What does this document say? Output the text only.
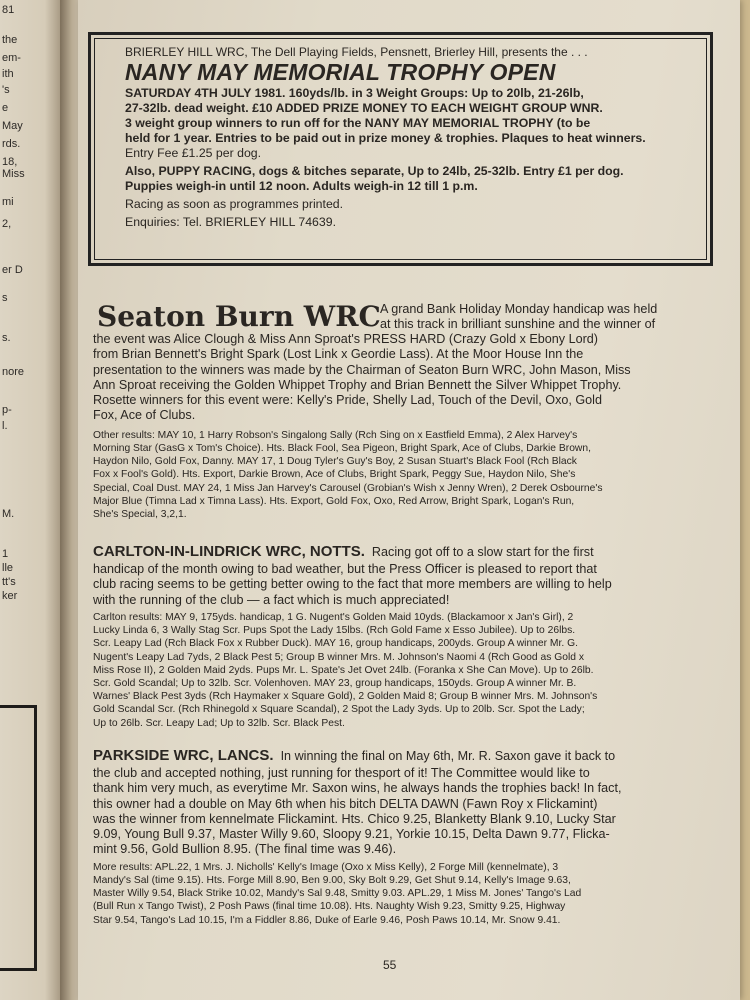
81
the
em-
ith
's
e
May
rds.
18,
Miss
mi
2,
er D
s
s.
nore
p-
l.
M.
1
lle
tt's
ker
BRIERLEY HILL WRC, The Dell Playing Fields, Pensnett, Brierley Hill, presents the . . .
NANY MAY MEMORIAL TROPHY OPEN
SATURDAY 4TH JULY 1981. 160yds/lb. in 3 Weight Groups: Up to 20lb, 21-26lb,
27-32lb. dead weight. £10 ADDED PRIZE MONEY TO EACH WEIGHT GROUP WNR.
3 weight group winners to run off for the NANY MAY MEMORIAL TROPHY (to be
held for 1 year. Entries to be paid out in prize money & trophies. Plaques to heat winners.
Entry Fee £1.25 per dog.
Also, PUPPY RACING, dogs & bitches separate, Up to 24lb, 25-32lb. Entry £1 per dog.
Puppies weigh-in until 12 noon. Adults weigh-in 12 till 1 p.m.
Racing as soon as programmes printed.
Enquiries: Tel. BRIERLEY HILL 74639.
Seaton Burn WRC A grand Bank Holiday Monday handicap was held
at this track in brilliant sunshine and the winner of
the event was Alice Clough & Miss Ann Sproat's PRESS HARD (Crazy Gold x Ebony Lord)
from Brian Bennett's Bright Spark (Lost Link x Geordie Lass). At the Moor House Inn the
presentation to the winners was made by the Chairman of Seaton Burn WRC, John Mason, Miss
Ann Sproat receiving the Golden Whippet Trophy and Brian Bennett the Silver Whippet Trophy.
Rosette winners for this event were: Kelly's Pride, Shelly Lad, Touch of the Devil, Oxo, Gold
Fox, Ace of Clubs.
Other results: MAY 10, 1 Harry Robson's Singalong Sally (Rch Sing on x Eastfield Emma), 2 Alex Harvey's
Morning Star (GasG x Tom's Choice). Hts. Black Fool, Sea Pigeon, Bright Spark, Ace of Clubs, Darkie Brown,
Haydon Nilo, Gold Fox, Danny. MAY 17, 1 Doug Tyler's Guy's Boy, 2 Susan Stuart's Black Fool (Rch Black
Fox x Fool's Gold). Hts. Export, Darkie Brown, Ace of Clubs, Bright Spark, Peggy Sue, Haydon Nilo, She's
Special, Coal Dust. MAY 24, 1 Miss Jan Harvey's Carousel (Grobian's Wish x Jenny Wren), 2 Derek Osbourne's
Major Blue (Timna Lad x Timna Lass). Hts. Export, Gold Fox, Oxo, Red Arrow, Bright Spark, Logan's Run,
She's Special, 3,2,1.
CARLTON-IN-LINDRICK WRC, NOTTS. Racing got off to a slow start for the first
handicap of the month owing to bad weather, but the Press Officer is pleased to report that
club racing seems to be getting better owing to the fact that more members are willing to help
with the running of the club — a fact which is much appreciated!
Carlton results: MAY 9, 175yds. handicap, 1 G. Nugent's Golden Maid 10yds. (Blackamoor x Jan's Girl), 2
Lucky Linda 6, 3 Wally Stag Scr. Pups Spot the Lady 15lbs. (Rch Gold Fame x Esso Jubilee). Up to 26lbs.
Scr. Leapy Lad (Rch Black Fox x Rubber Duck). MAY 16, group handicaps, 200yds. Group A winner Mr. G.
Nugent's Leapy Lad 7yds, 2 Black Pest 5; Group B winner Mrs. M. Johnson's Naomi 4 (Rch Good as Gold x
Miss Rose II), 2 Golden Maid 2yds. Pups Mr. L. Spate's Jet Ovet 24lb. (Foranka x She Can Move). Up to 26lb.
Scr. Gold Scandal; Up to 32lb. Scr. Volenhoven. MAY 23, group handicaps, 150yds. Group A winner Mr. B.
Warnes' Black Pest 3yds (Rch Haymaker x Square Gold), 2 Golden Maid 8; Group B winner Mrs. M. Johnson's
Gold Scandal Scr. (Rch Rhinegold x Square Scandal), 2 Spot the Lady 3yds. Up to 20lb. Scr. Spot the Lady;
Up to 26lb. Scr. Leapy Lad; Up to 32lb. Scr. Black Pest.
PARKSIDE WRC, LANCS. In winning the final on May 6th, Mr. R. Saxon gave it back to
the club and accepted nothing, just running for thesport of it! The Committee would like to
thank him very much, as everytime Mr. Saxon wins, he always hands the trophies back! In fact,
this owner had a double on May 6th when his bitch DELTA DAWN (Fawn Roy x Flickamint)
was the winner from kennelmate Flickamint. Hts. Chico 9.25, Blanketty Blank 9.10, Lucky Star
9.09, Young Bull 9.37, Master Willy 9.60, Sloopy 9.21, Yorkie 10.15, Delta Dawn 9.77, Flicka-
mint 9.56, Gold Bullion 8.95. (The final time was 9.46).
More results: APL.22, 1 Mrs. J. Nicholls' Kelly's Image (Oxo x Miss Kelly), 2 Forge Mill (kennelmate), 3
Mandy's Sal (time 9.15). Hts. Forge Mill 8.90, Ben 9.00, Sky Bolt 9.29, Get Shut 9.14, Kelly's Image 9.63,
Master Willy 9.54, Black Strike 10.02, Mandy's Sal 9.48, Smitty 9.03. APL.29, 1 Miss M. Jones' Tango's Lad
(Bull Run x Tango Twist), 2 Posh Paws (final time 10.08). Hts. Naughty Wish 9.23, Smitty 9.25, Highway
Star 9.54, Tango's Lad 10.15, I'm a Fiddler 8.86, Duke of Earle 9.46, Posh Paws 10.14, Mr. Snow 9.41.
55
